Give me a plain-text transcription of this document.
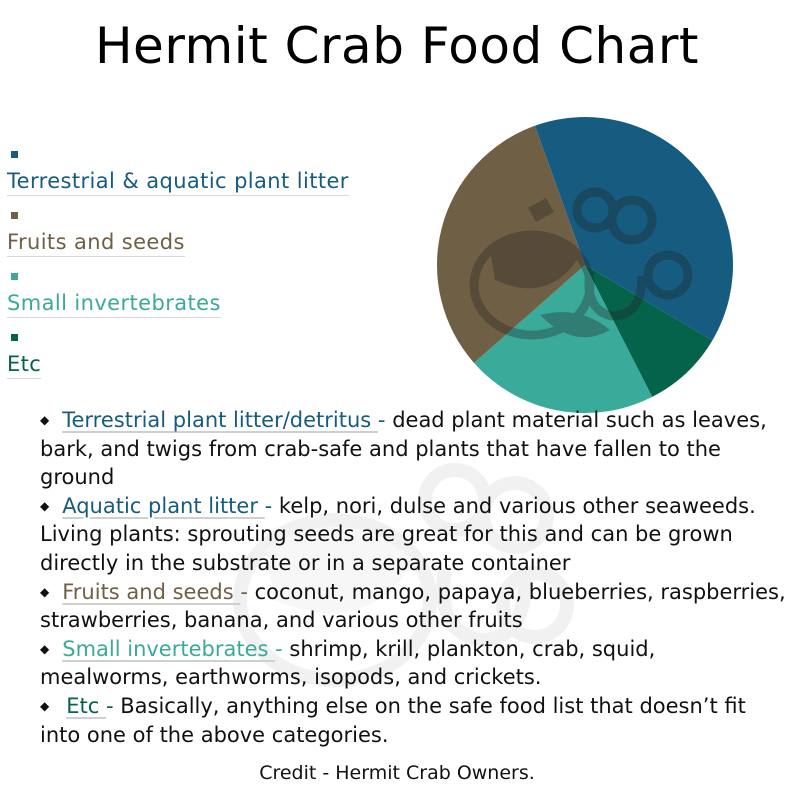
Hermit Crab Food Chart
Terrestrial & aquatic plant litter
Fruits and seeds
Small invertebrates
Etc

◆ Terrestrial plant litter/detritus - dead plant material such as leaves, bark, and twigs from crab-safe and plants that have fallen to the ground

◆ Aquatic plant litter - kelp, nori, dulse and various other seaweeds. Living plants: sprouting seeds are great for this and can be grown directly in the substrate or in a separate container

◆ Fruits and seeds - coconut, mango, papaya, blueberries, raspberries, strawberries, banana, and various other fruits

◆ Small invertebrates - shrimp, krill, plankton, crab, squid, mealworms, earthworms, isopods, and crickets.

◆ Etc - Basically, anything else on the safe food list that doesn’t fit into one of the above categories.

Credit - Hermit Crab Owners.
